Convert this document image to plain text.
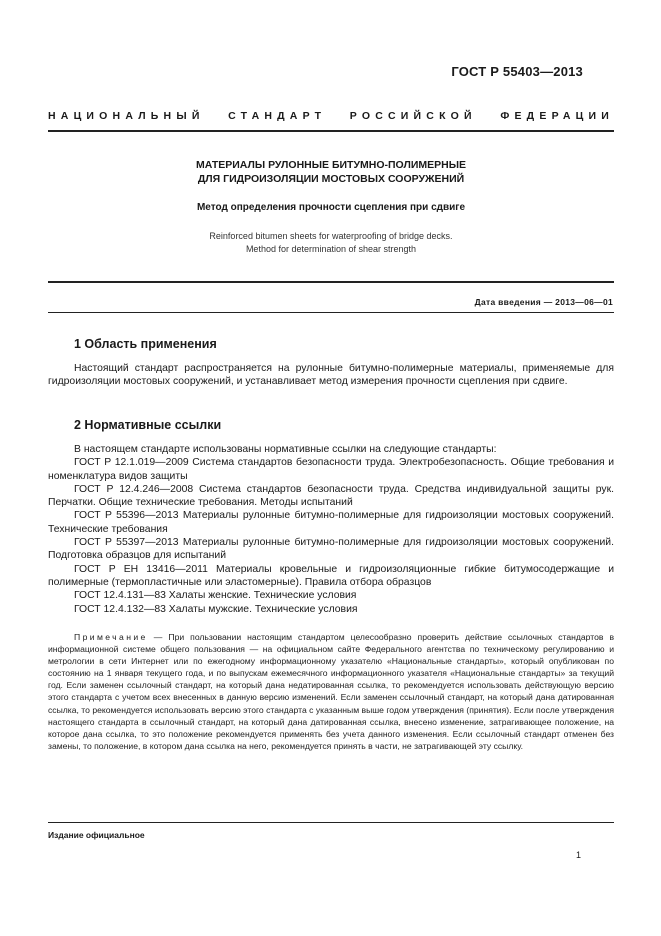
ГОСТ Р 55403—2013
НАЦИОНАЛЬНЫЙ СТАНДАРТ РОССИЙСКОЙ ФЕДЕРАЦИИ
МАТЕРИАЛЫ РУЛОННЫЕ БИТУМНО-ПОЛИМЕРНЫЕ
ДЛЯ ГИДРОИЗОЛЯЦИИ МОСТОВЫХ СООРУЖЕНИЙ
Метод определения прочности сцепления при сдвиге
Reinforced bitumen sheets for waterproofing of bridge decks.
Method for determination of shear strength
Дата введения — 2013—06—01
1 Область применения

Настоящий стандарт распространяется на рулонные битумно-полимерные материалы, применяемые для гидроизоляции мостовых сооружений, и устанавливает метод измерения прочности сцепления при сдвиге.

2 Нормативные ссылки

В настоящем стандарте использованы нормативные ссылки на следующие стандарты:

ГОСТ Р 12.1.019—2009 Система стандартов безопасности труда. Электробезопасность. Общие требования и номенклатура видов защиты

ГОСТ Р 12.4.246—2008 Система стандартов безопасности труда. Средства индивидуальной защиты рук. Перчатки. Общие технические требования. Методы испытаний

ГОСТ Р 55396—2013 Материалы рулонные битумно-полимерные для гидроизоляции мостовых сооружений. Технические требования

ГОСТ Р 55397—2013 Материалы рулонные битумно-полимерные для гидроизоляции мостовых сооружений. Подготовка образцов для испытаний

ГОСТ Р ЕН 13416—2011 Материалы кровельные и гидроизоляционные гибкие битумосодержащие и полимерные (термопластичные или эластомерные). Правила отбора образцов

ГОСТ 12.4.131—83 Халаты женские. Технические условия

ГОСТ 12.4.132—83 Халаты мужские. Технические условия

Примечание — При пользовании настоящим стандартом целесообразно проверить действие ссылочных стандартов в информационной системе общего пользования — на официальном сайте Федерального агентства по техническому регулированию и метрологии в сети Интернет или по ежегодному информационному указателю «Национальные стандарты», который опубликован по состоянию на 1 января текущего года, и по выпускам ежемесячного информационного указателя «Национальные стандарты» за текущий год. Если заменен ссылочный стандарт, на который дана недатированная ссылка, то рекомендуется использовать действующую версию этого стандарта с учетом всех внесенных в данную версию изменений. Если заменен ссылочный стандарт, на который дана датированная ссылка, то рекомендуется использовать версию этого стандарта с указанным выше годом утверждения (принятия). Если после утверждения настоящего стандарта в ссылочный стандарт, на который дана датированная ссылка, внесено изменение, затрагивающее положение, на которое дана ссылка, то это положение рекомендуется применять без учета данного изменения. Если ссылочный стандарт отменен без замены, то положение, в котором дана ссылка на него, рекомендуется принять в части, не затрагивающей эту ссылку.
Издание официальное
1
